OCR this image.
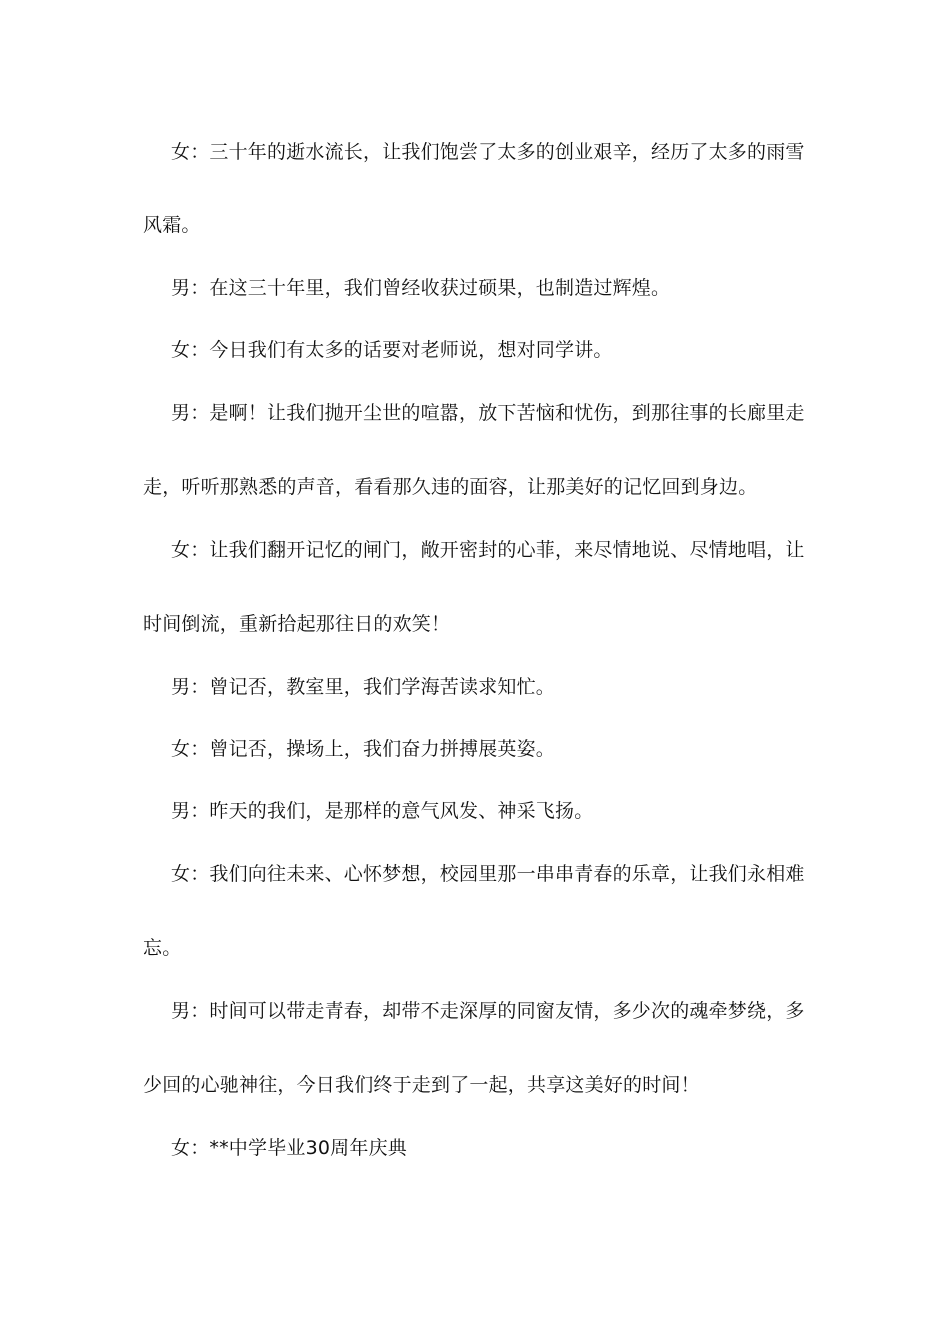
女：三十年的逝水流长，让我们饱尝了太多的创业艰辛，经历了太多的雨雪
风霜。
男：在这三十年里，我们曾经收获过硕果，也制造过辉煌。
女：今日我们有太多的话要对老师说，想对同学讲。
男：是啊！让我们抛开尘世的喧嚣，放下苦恼和忧伤，到那往事的长廊里走
走，听听那熟悉的声音，看看那久违的面容，让那美好的记忆回到身边。
女：让我们翻开记忆的闸门，敞开密封的心菲，来尽情地说、尽情地唱，让
时间倒流，重新拾起那往日的欢笑！
男：曾记否，教室里，我们学海苦读求知忙。
女：曾记否，操场上，我们奋力拼搏展英姿。
男：昨天的我们，是那样的意气风发、神采飞扬。
女：我们向往未来、心怀梦想，校园里那一串串青春的乐章，让我们永相难
忘。
男：时间可以带走青春，却带不走深厚的同窗友情，多少次的魂牵梦绕，多
少回的心驰神往，今日我们终于走到了一起，共享这美好的时间！
女：**中学毕业30周年庆典
